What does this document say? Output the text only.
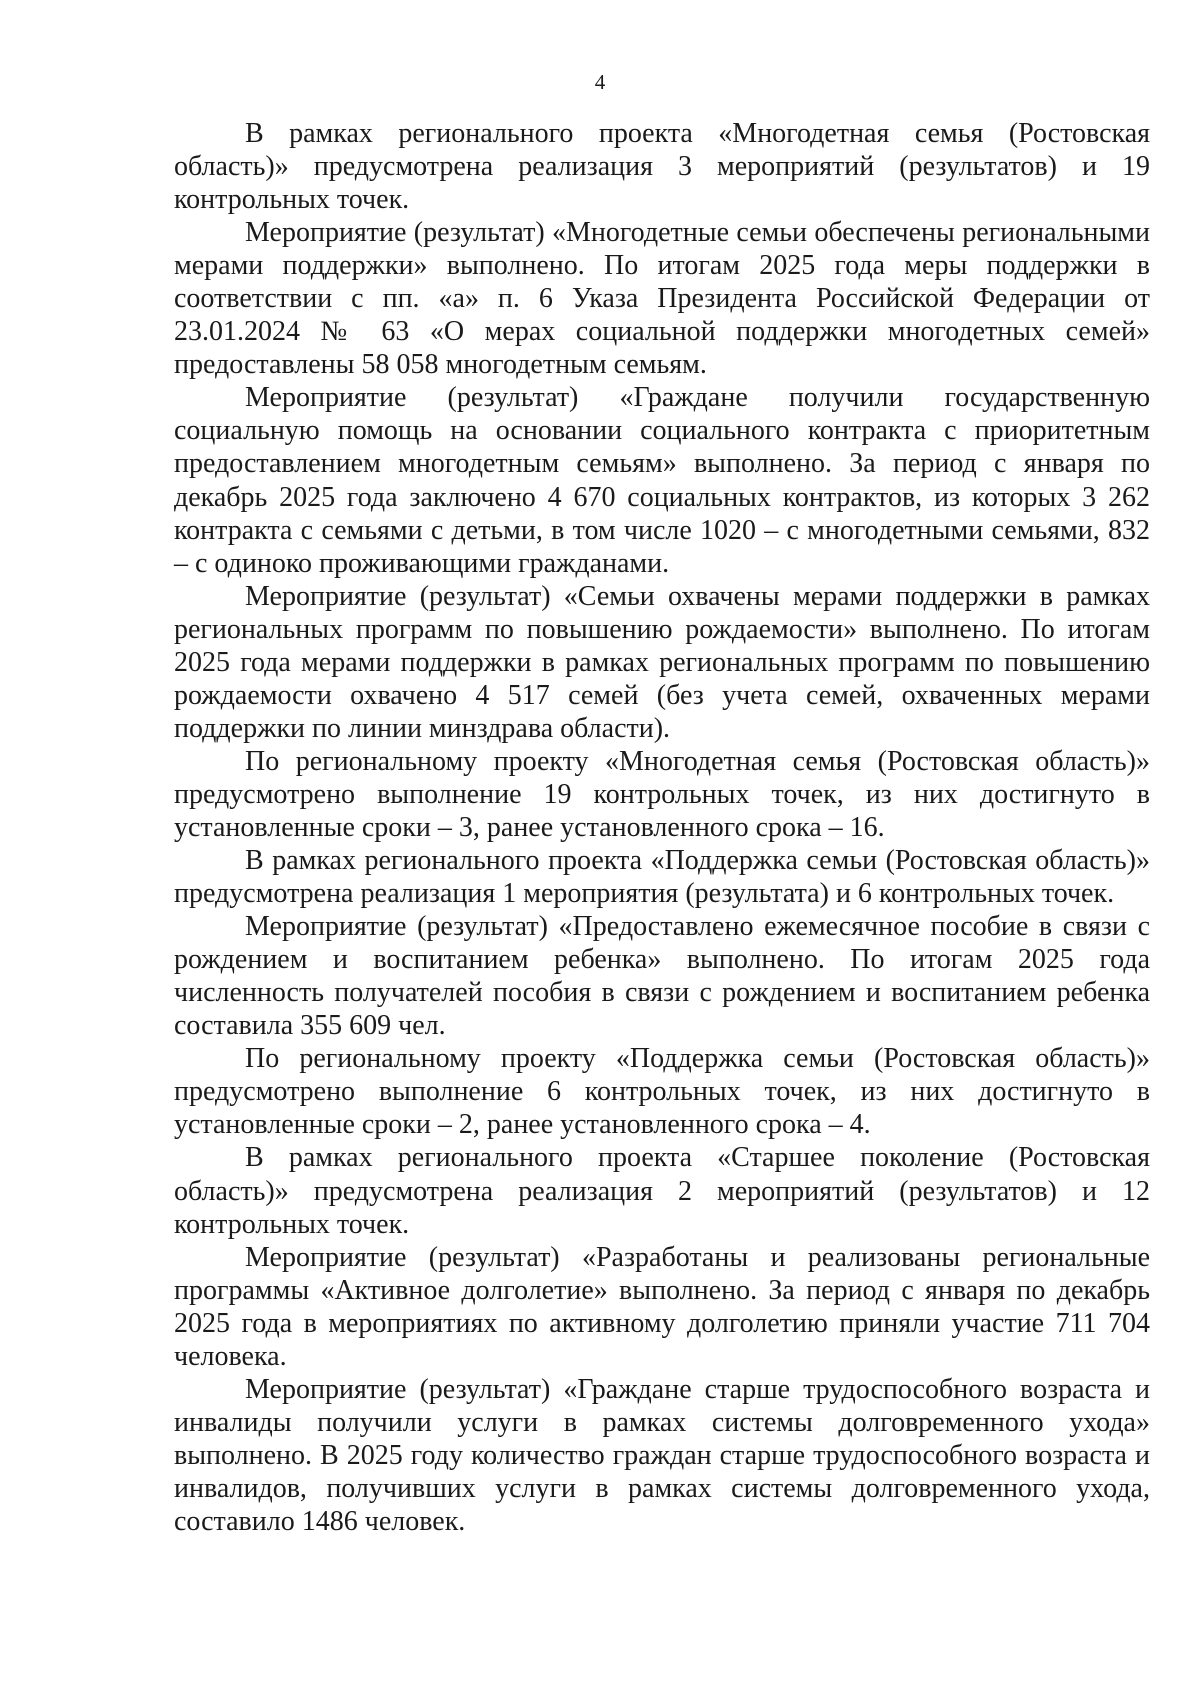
4

В рамках регионального проекта «Многодетная семья (Ростовская область)» предусмотрена реализация 3 мероприятий (результатов) и 19 контрольных точек.

Мероприятие (результат) «Многодетные семьи обеспечены региональными мерами поддержки» выполнено. По итогам 2025 года меры поддержки в соответствии с пп. «а» п. 6 Указа Президента Российской Федерации от 23.01.2024 № 63 «О мерах социальной поддержки многодетных семей» предоставлены 58 058 многодетным семьям.

Мероприятие (результат) «Граждане получили государственную социальную помощь на основании социального контракта с приоритетным предоставлением многодетным семьям» выполнено. За период с января по декабрь 2025 года заключено 4 670 социальных контрактов, из которых 3 262 контракта с семьями с детьми, в том числе 1020 – с многодетными семьями, 832 – с одиноко проживающими гражданами.

Мероприятие (результат) «Семьи охвачены мерами поддержки в рамках региональных программ по повышению рождаемости» выполнено. По итогам 2025 года мерами поддержки в рамках региональных программ по повышению рождаемости охвачено 4 517 семей (без учета семей, охваченных мерами поддержки по линии минздрава области).

По региональному проекту «Многодетная семья (Ростовская область)» предусмотрено выполнение 19 контрольных точек, из них достигнуто в установленные сроки – 3, ранее установленного срока – 16.

В рамках регионального проекта «Поддержка семьи (Ростовская область)» предусмотрена реализация 1 мероприятия (результата) и 6 контрольных точек.

Мероприятие (результат) «Предоставлено ежемесячное пособие в связи с рождением и воспитанием ребенка» выполнено. По итогам 2025 года численность получателей пособия в связи с рождением и воспитанием ребенка составила 355 609 чел.

По региональному проекту «Поддержка семьи (Ростовская область)» предусмотрено выполнение 6 контрольных точек, из них достигнуто в установленные сроки – 2, ранее установленного срока – 4.

В рамках регионального проекта «Старшее поколение (Ростовская область)» предусмотрена реализация 2 мероприятий (результатов) и 12 контрольных точек.

Мероприятие (результат) «Разработаны и реализованы региональные программы «Активное долголетие» выполнено. За период с января по декабрь 2025 года в мероприятиях по активному долголетию приняли участие 711 704 человека.

Мероприятие (результат) «Граждане старше трудоспособного возраста и инвалиды получили услуги в рамках системы долговременного ухода» выполнено. В 2025 году количество граждан старше трудоспособного возраста и инвалидов, получивших услуги в рамках системы долговременного ухода, составило 1486 человек.
